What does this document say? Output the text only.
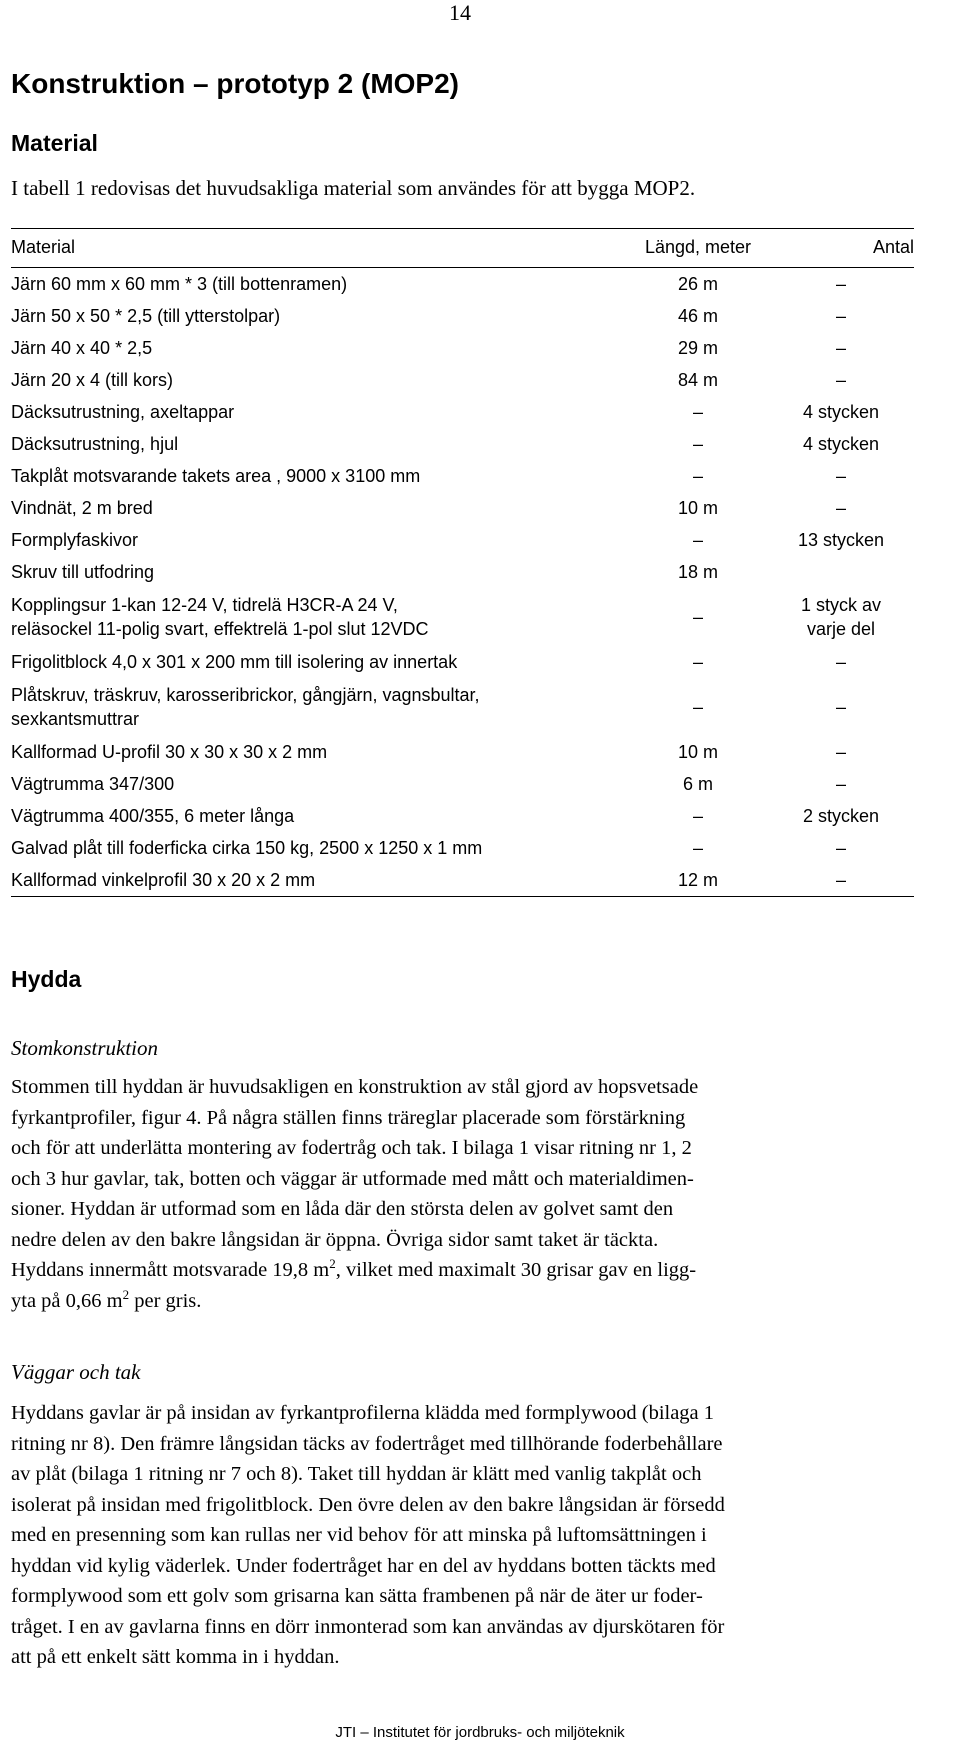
14
Konstruktion – prototyp 2 (MOP2)
Material

I tabell 1 redovisas det huvudsakliga material som användes för att bygga MOP2.

Material	Längd, meter	Antal
Järn 60 mm x 60 mm * 3 (till bottenramen)	26 m	–
Järn 50 x 50 * 2,5 (till ytterstolpar)	46 m	–
Järn 40 x 40 * 2,5	29 m	–
Järn 20 x 4 (till kors)	84 m	–
Däcksutrustning, axeltappar	–	4 stycken
Däcksutrustning, hjul	–	4 stycken
Takplåt motsvarande takets area , 9000 x 3100 mm	–	–
Vindnät, 2 m bred	10 m	–
Formplyfaskivor	–	13 stycken
Skruv till utfodring	18 m	
Kopplingsur 1-kan 12-24 V, tidrelä H3CR-A 24 V,
reläsockel 11-polig svart, effektrelä 1-pol slut 12VDC	–	1 styck av
varje del
Frigolitblock 4,0 x 301 x 200 mm till isolering av innertak	–	–
Plåtskruv, träskruv, karosseribrickor, gångjärn, vagnsbultar,
sexkantsmuttrar	–	–
Kallformad U-profil 30 x 30 x 30 x 2 mm	10 m	–
Vägtrumma 347/300	6 m	–
Vägtrumma 400/355, 6 meter långa	–	2 stycken
Galvad plåt till foderficka cirka 150 kg, 2500 x 1250 x 1 mm	–	–
Kallformad vinkelprofil 30 x 20 x 2 mm	12 m	–
Hydda

Stomkonstruktion

Stommen till hyddan är huvudsakligen en konstruktion av stål gjord av hopsvetsade
fyrkantprofiler, figur 4. På några ställen finns träreglar placerade som förstärkning
och för att underlätta montering av fodertråg och tak. I bilaga 1 visar ritning nr 1, 2
och 3 hur gavlar, tak, botten och väggar är utformade med mått och materialdimen-
sioner. Hyddan är utformad som en låda där den största delen av golvet samt den
nedre delen av den bakre långsidan är öppna. Övriga sidor samt taket är täckta.
Hyddans innermått motsvarade 19,8 $m^2$, vilket med maximalt 30 grisar gav en ligg-
yta på 0,66 $m^2$ per gris.

Väggar och tak

Hyddans gavlar är på insidan av fyrkantprofilerna klädda med formplywood (bilaga 1
ritning nr 8). Den främre långsidan täcks av fodertråget med tillhörande foderbehållare
av plåt (bilaga 1 ritning nr 7 och 8). Taket till hyddan är klätt med vanlig takplåt och
isolerat på insidan med frigolitblock. Den övre delen av den bakre långsidan är försedd
med en presenning som kan rullas ner vid behov för att minska på luftomsättningen i
hyddan vid kylig väderlek. Under fodertråget har en del av hyddans botten täckts med
formplywood som ett golv som grisarna kan sätta frambenen på när de äter ur foder-
tråget. I en av gavlarna finns en dörr inmonterad som kan användas av djurskötaren för
att på ett enkelt sätt komma in i hyddan.
JTI – Institutet för jordbruks- och miljöteknik
